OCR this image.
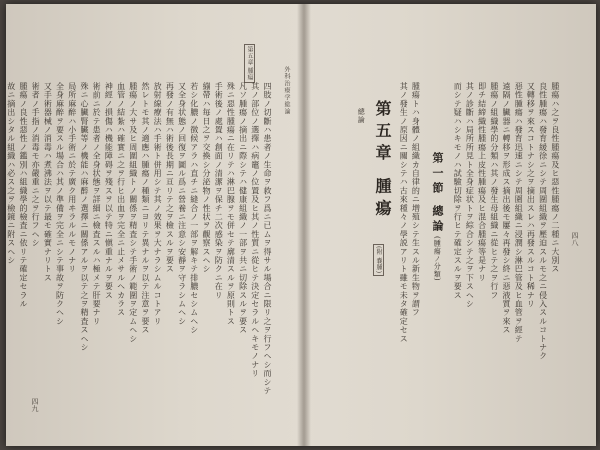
外科治療学総論
四九
第五章 腫瘍
四肢ノ切斷ハ患者ノ生命ヲ救フ爲ニ已ムヲ得サル場合ニ限リ之ヲ行フヘシ而シテ
其ノ部位ノ選擇ハ病竈ノ位置及ヒ其ノ性質ニ從ヒテ決定セラルヘキモノナリ
凡ソ腫瘍ノ摘出ニ際シテハ健康組織ノ一部ヲ共ニ切除スルヲ要ス
殊ニ惡性腫瘍ニ在リテハ淋巴腺ヲモ併セテ廓清スルヲ原則トス
手術後ノ處置ハ創面ノ清潔ヲ保チ二次感染ヲ防クニ在リ
繃帶ハ毎日之ヲ交換シ分泌物ノ性状ヲ觀察スヘシ
若シ化膿ノ徴候アラハ直チニ縫合ノ一部ヲ解キテ排膿セシムヘシ
又全身状態ノ回復ヲ圖ル爲ニ營養ニ注意シ安靜ヲ守ラシムヘシ
再發ノ有無ハ術後長期ニ亘リテ之ヲ檢スルヲ要ス
放射線療法ハ手術ト併用シテ其ノ效果ヲ大ナラシムルコトアリ
然レトモ其ノ適應ハ腫瘍ノ種類ニヨリテ異ナルヲ以テ注意ヲ要ス
腫瘍ノ大サ及ヒ周圍組織トノ關係ヲ精査シテ手術ノ範圍ヲ定ムヘシ
血管ノ結紮ハ確實ニ之ヲ行ヒ出血ヲ完全ニ止メサルヘカラス
神經ノ損傷ハ機能障碍ヲ殘スヲ以テ特ニ愼重ナルヲ要ス
術前ニ於テ患者ノ全身状態ヲ詳細ニ檢査スルハ極メテ肝要ナリ
殊ニ心臟腎臟等ノ機能ハ麻醉ノ選擇ニ關係アルヲ以テ之ヲ精査スヘシ
局所麻醉ハ小手術ニ於テ廣ク用ヰラルルモノナリ
全身麻醉ヲ要スル場合ハ其ノ準備ヲ完全ニシテ事故ヲ防クヘシ
又手術器械ノ消毒ハ煮沸法ヲ以テ最モ確實ナリトス
術者ノ手指ノ消毒モ亦嚴重ニ之ヲ行フヘシ
腫瘍ノ良性惡性ノ鑑別ハ組織學的檢査ニ依リテ確定セラル
故ニ摘出シタル組織ハ必ス之ヲ檢鏡ニ附スヘシ	四八
第五章 腫瘍
(附 嚢腫)
總論	腫瘍トハ身體ノ組織カ自律的ニ増殖シテ生スル新生物ヲ謂フ
其ノ發生ノ原因ニ關シテハ古來種々ノ學説アリト雖モ未タ確定セス 第一節 總論
(腫瘍ノ分類)	腫瘍ハ之ヲ良性腫瘍及ヒ惡性腫瘍ノ二種ニ大別ス
良性腫瘍ハ發育緩徐ニシテ周圍組織ヲ壓迫スルモ之ニ侵入スルコトナク
又轉移ヲ來スコトナシ之ヲ摘出スレハ再發スルコト稀ナリ
惡性腫瘍ハ發育迅速ニシテ周圍組織ニ浸潤シ淋巴管及ヒ血管ヲ經テ
遠隔ノ臟器ニ轉移ヲ形成ス摘出後モ屢々再發シ終ニ惡液質ヲ來ス
腫瘍ノ組織學的分類ハ其ノ發生母組織ニ從ヒテ之ヲ行フ
即チ結締織性腫瘍上皮性腫瘍及ヒ混合腫瘍等是ナリ
其ノ診斷ハ局所所見ト全身症状トヲ綜合シテ之ヲ下スヘシ
而シテ疑ハシキモノハ試驗切除ヲ行ヒテ確定スルヲ要ス
